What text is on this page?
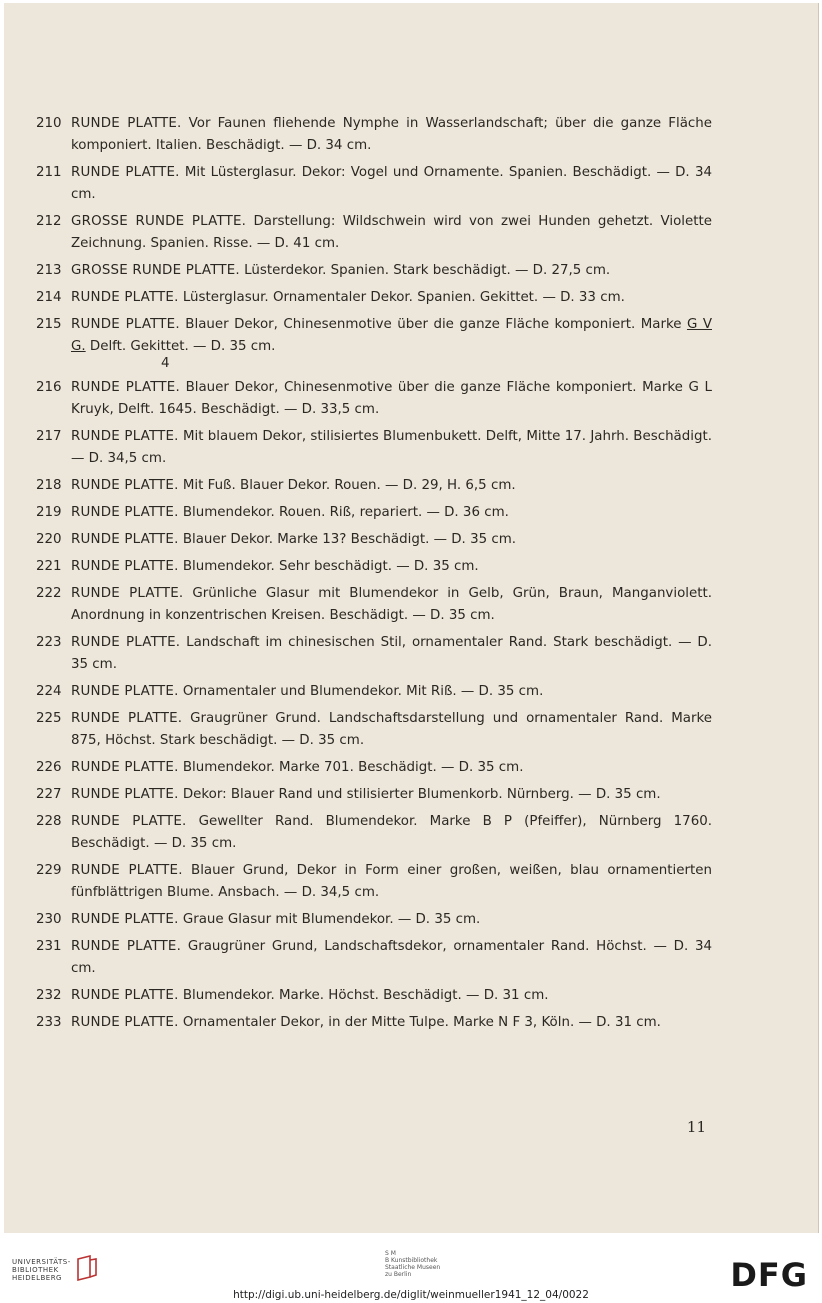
210 RUNDE PLATTE. Vor Faunen fliehende Nymphe in Wasserlandschaft; über die ganze Fläche komponiert. Italien. Beschädigt. — D. 34 cm.
211 RUNDE PLATTE. Mit Lüsterglasur. Dekor: Vogel und Ornamente. Spanien. Beschädigt. — D. 34 cm.
212 GROSSE RUNDE PLATTE. Darstellung: Wildschwein wird von zwei Hunden gehetzt. Violette Zeichnung. Spanien. Risse. — D. 41 cm.
213 GROSSE RUNDE PLATTE. Lüsterdekor. Spanien. Stark beschädigt. — D. 27,5 cm.
214 RUNDE PLATTE. Lüsterglasur. Ornamentaler Dekor. Spanien. Gekittet. — D. 33 cm.
215 RUNDE PLATTE. Blauer Dekor, Chinesenmotive über die ganze Fläche komponiert. Marke G V G. Delft. Gekittet. — D. 35 cm.
4
216 RUNDE PLATTE. Blauer Dekor, Chinesenmotive über die ganze Fläche komponiert. Marke G L Kruyk, Delft. 1645. Beschädigt. — D. 33,5 cm.
217 RUNDE PLATTE. Mit blauem Dekor, stilisiertes Blumenbukett. Delft, Mitte 17. Jahrh. Beschädigt. — D. 34,5 cm.
218 RUNDE PLATTE. Mit Fuß. Blauer Dekor. Rouen. — D. 29, H. 6,5 cm.
219 RUNDE PLATTE. Blumendekor. Rouen. Riß, repariert. — D. 36 cm.
220 RUNDE PLATTE. Blauer Dekor. Marke 13? Beschädigt. — D. 35 cm.
221 RUNDE PLATTE. Blumendekor. Sehr beschädigt. — D. 35 cm.
222 RUNDE PLATTE. Grünliche Glasur mit Blumendekor in Gelb, Grün, Braun, Manganviolett. Anordnung in konzentrischen Kreisen. Beschädigt. — D. 35 cm.
223 RUNDE PLATTE. Landschaft im chinesischen Stil, ornamentaler Rand. Stark beschädigt. — D. 35 cm.
224 RUNDE PLATTE. Ornamentaler und Blumendekor. Mit Riß. — D. 35 cm.
225 RUNDE PLATTE. Graugrüner Grund. Landschaftsdarstellung und ornamentaler Rand. Marke 875, Höchst. Stark beschädigt. — D. 35 cm.
226 RUNDE PLATTE. Blumendekor. Marke 701. Beschädigt. — D. 35 cm.
227 RUNDE PLATTE. Dekor: Blauer Rand und stilisierter Blumenkorb. Nürnberg. — D. 35 cm.
228 RUNDE PLATTE. Gewellter Rand. Blumendekor. Marke B P (Pfeiffer), Nürnberg 1760. Beschädigt. — D. 35 cm.
229 RUNDE PLATTE. Blauer Grund, Dekor in Form einer großen, weißen, blau ornamentierten fünfblättrigen Blume. Ansbach. — D. 34,5 cm.
230 RUNDE PLATTE. Graue Glasur mit Blumendekor. — D. 35 cm.
231 RUNDE PLATTE. Graugrüner Grund, Landschaftsdekor, ornamentaler Rand. Höchst. — D. 34 cm.
232 RUNDE PLATTE. Blumendekor. Marke. Höchst. Beschädigt. — D. 31 cm.
233 RUNDE PLATTE. Ornamentaler Dekor, in der Mitte Tulpe. Marke N F 3, Köln. — D. 31 cm.
11
UNIVERSITÄTS-
BIBLIOTHEK
HEIDELBERG
S M
B Kunstbibliothek
Staatliche Museen
zu Berlin	DFG
http://digi.ub.uni-heidelberg.de/diglit/weinmueller1941_12_04/0022
